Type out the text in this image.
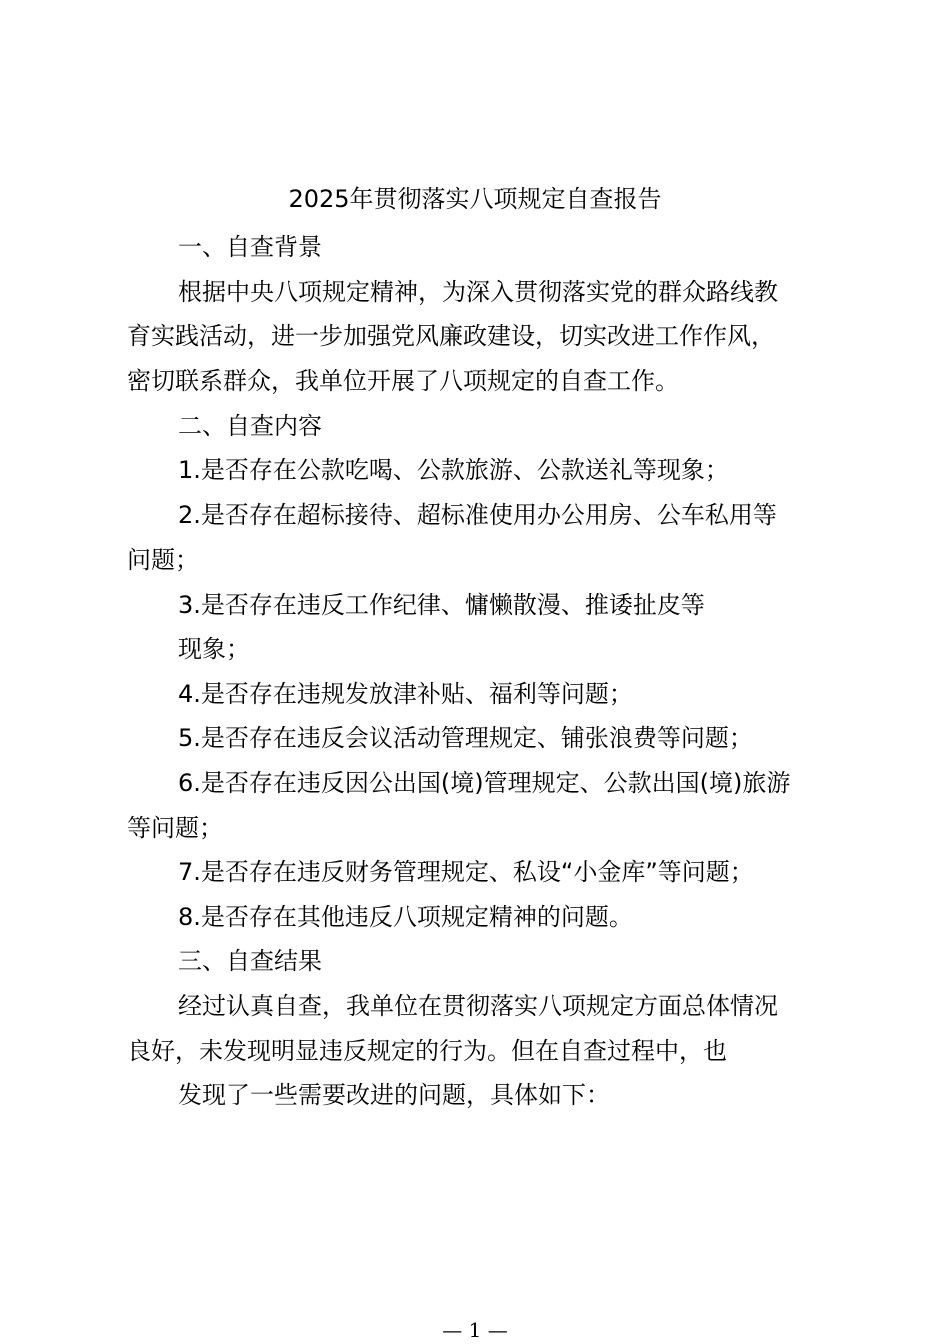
2025年贯彻落实八项规定自查报告

一、自查背景

根据中央八项规定精神，为深入贯彻落实党的群众路线教

育实践活动，进一步加强党风廉政建设，切实改进工作作风，

密切联系群众，我单位开展了八项规定的自查工作。

二、自查内容

1.是否存在公款吃喝、公款旅游、公款送礼等现象；

2.是否存在超标接待、超标准使用办公用房、公车私用等

问题；

3.是否存在违反工作纪律、慵懒散漫、推诿扯皮等

现象；

4.是否存在违规发放津补贴、福利等问题；

5.是否存在违反会议活动管理规定、铺张浪费等问题；

6.是否存在违反因公出国(境)管理规定、公款出国(境)旅游

等问题；

7.是否存在违反财务管理规定、私设“小金库”等问题；

8.是否存在其他违反八项规定精神的问题。

三、自查结果

经过认真自查，我单位在贯彻落实八项规定方面总体情况

良好，未发现明显违反规定的行为。但在自查过程中，也

发现了一些需要改进的问题，具体如下：

— 1 —
